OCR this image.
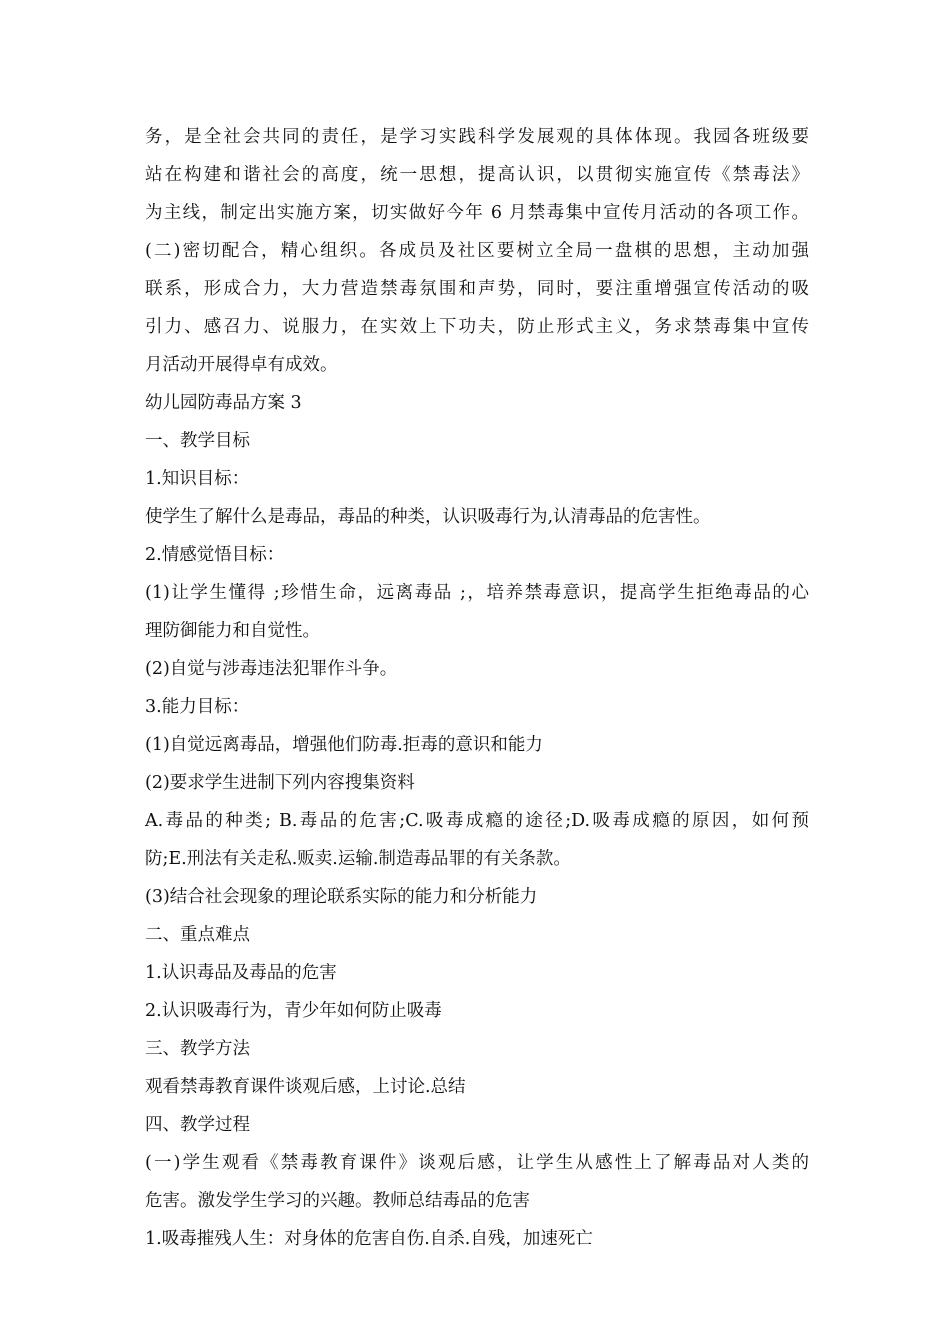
务，是全社会共同的责任，是学习实践科学发展观的具体体现。我园各班级要
站在构建和谐社会的高度，统一思想，提高认识，以贯彻实施宣传《禁毒法》
为主线，制定出实施方案，切实做好今年 6 月禁毒集中宣传月活动的各项工作。
(二)密切配合，精心组织。各成员及社区要树立全局一盘棋的思想，主动加强
联系，形成合力，大力营造禁毒氛围和声势，同时，要注重增强宣传活动的吸
引力、感召力、说服力，在实效上下功夫，防止形式主义，务求禁毒集中宣传
月活动开展得卓有成效。
幼儿园防毒品方案 3
一、教学目标
1.知识目标：
使学生了解什么是毒品，毒品的种类，认识吸毒行为,认清毒品的危害性。
2.情感觉悟目标：
(1)让学生懂得 ;珍惜生命，远离毒品 ;，培养禁毒意识，提高学生拒绝毒品的心
理防御能力和自觉性。
(2)自觉与涉毒违法犯罪作斗争。
3.能力目标：
(1)自觉远离毒品，增强他们防毒.拒毒的意识和能力
(2)要求学生进制下列内容搜集资料
A.毒品的种类; B.毒品的危害;C.吸毒成瘾的途径;D.吸毒成瘾的原因，如何预
防;E.刑法有关走私.贩卖.运输.制造毒品罪的有关条款。
(3)结合社会现象的理论联系实际的能力和分析能力
二、重点难点
1.认识毒品及毒品的危害
2.认识吸毒行为，青少年如何防止吸毒
三、教学方法
观看禁毒教育课件谈观后感，上讨论.总结
四、教学过程
(一)学生观看《禁毒教育课件》谈观后感，让学生从感性上了解毒品对人类的
危害。激发学生学习的兴趣。教师总结毒品的危害
1.吸毒摧残人生：对身体的危害自伤.自杀.自残，加速死亡
